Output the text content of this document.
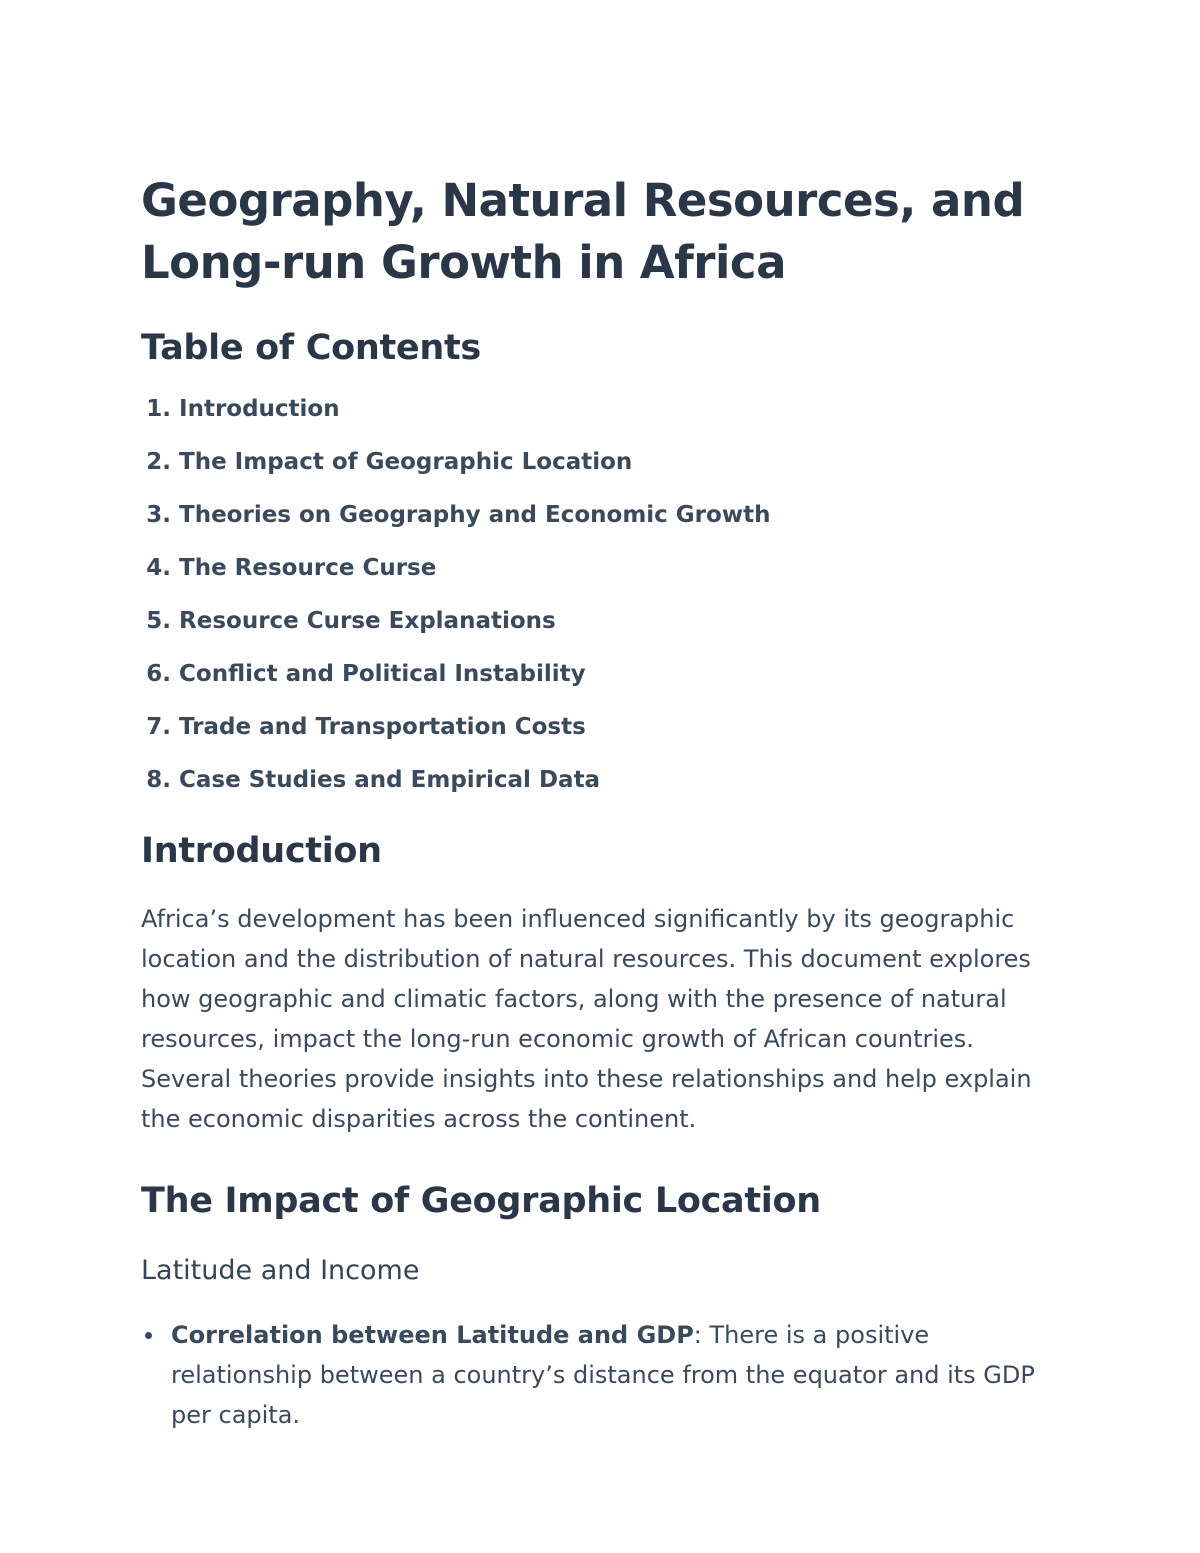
Geography, Natural Resources, and
Long-run Growth in Africa
Table of Contents
1.
Introduction
2.
The Impact of Geographic Location
3.
Theories on Geography and Economic Growth
4.
The Resource Curse
5.
Resource Curse Explanations
6.
Conflict and Political Instability
7.
Trade and Transportation Costs
8.
Case Studies and Empirical Data
Introduction

Africa’s development has been influenced significantly by its geographic location and the distribution of natural resources. This document explores how geographic and climatic factors, along with the presence of natural resources, impact the long-run economic growth of African countries. Several theories provide insights into these relationships and help explain the economic disparities across the continent.

The Impact of Geographic Location
Latitude and Income
Correlation between Latitude and GDP: There is a positive relationship between a country’s distance from the equator and its GDP per capita.
